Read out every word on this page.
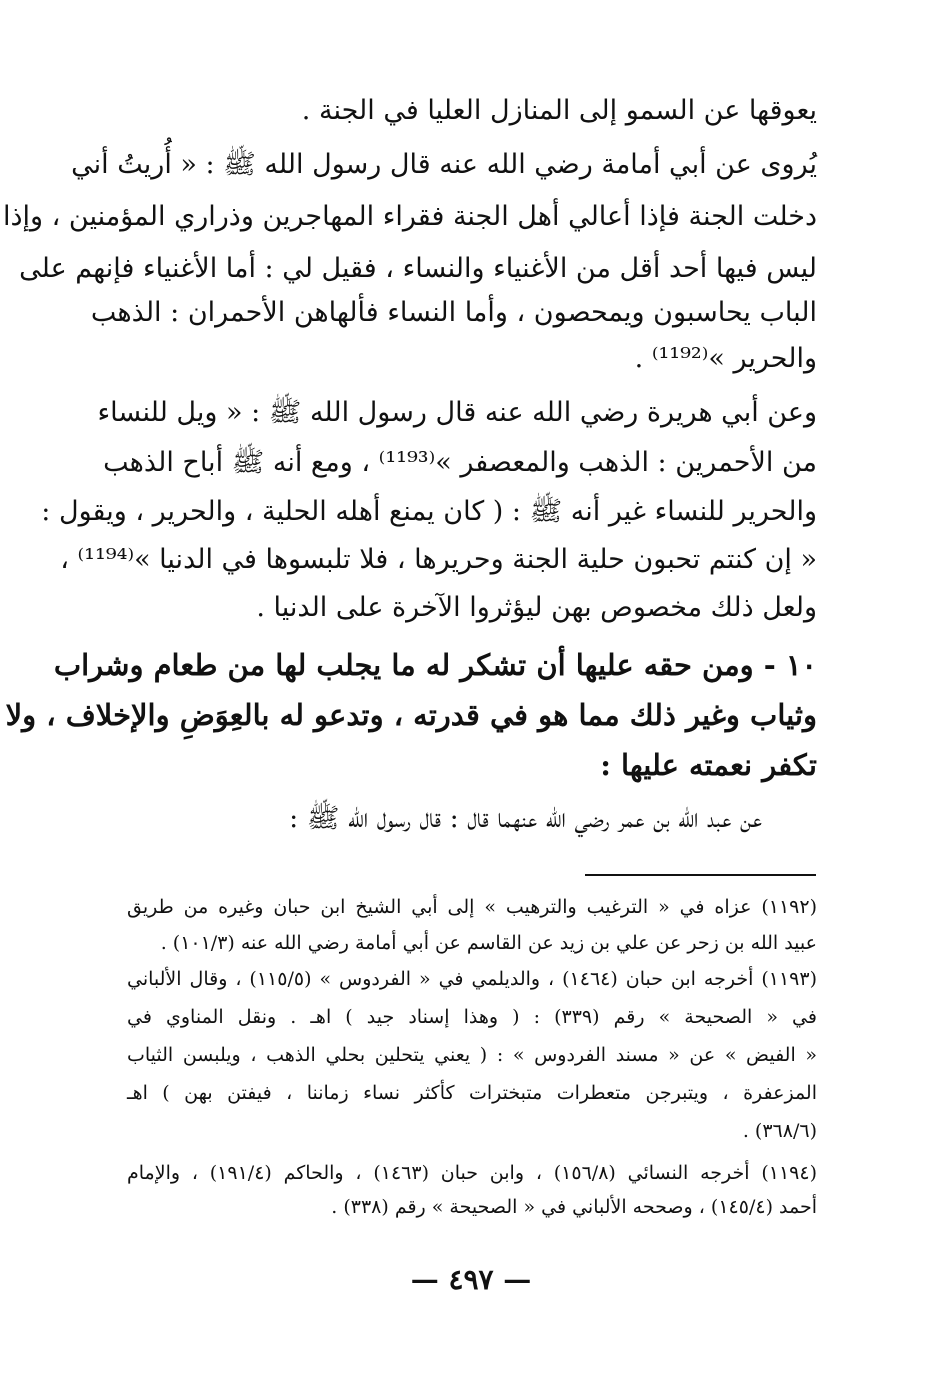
يعوقها عن السمو إلى المنازل العليا في الجنة .
يُروى عن أبي أمامة رضي الله عنه قال رسول الله ﷺ : « أُريتُ أني
دخلت الجنة فإذا أعالي أهل الجنة فقراء المهاجرين وذراري المؤمنين ، وإذا
ليس فيها أحد أقل من الأغنياء والنساء ، فقيل لي : أما الأغنياء فإنهم على
الباب يحاسبون ويمحصون ، وأما النساء فألهاهن الأحمران : الذهب
والحرير »⁽¹¹⁹²⁾ .
وعن أبي هريرة رضي الله عنه قال رسول الله ﷺ : « ويل للنساء
من الأحمرين : الذهب والمعصفر »⁽¹¹⁹³⁾ ، ومع أنه ﷺ أباح الذهب
والحرير للنساء غير أنه ﷺ : ( كان يمنع أهله الحلية ، والحرير ، ويقول :
« إن كنتم تحبون حلية الجنة وحريرها ، فلا تلبسوها في الدنيا »⁽¹¹⁹⁴⁾ ،
ولعل ذلك مخصوص بهن ليؤثروا الآخرة على الدنيا .
١٠ - ومن حقه عليها أن تشكر له ما يجلب لها من طعام وشراب
وثياب وغير ذلك مما هو في قدرته ، وتدعو له بالعِوَضِ والإخلاف ، ولا
تكفر نعمته عليها :
عن عبد الله بن عمر رضي الله عنهما قال : قال رسول الله ﷺ :
(١١٩٢) عزاه في « الترغيب والترهيب » إلى أبي الشيخ ابن حبان وغيره من طريق
عبيد الله بن زحر عن علي بن زيد عن القاسم عن أبي أمامة رضي الله عنه (١٠١/٣) .
(١١٩٣) أخرجه ابن حبان (١٤٦٤) ، والديلمي في « الفردوس » (١١٥/٥) ، وقال الألباني
في « الصحيحة » رقم (٣٣٩) : ( وهذا إسناد جيد ) اهـ . ونقل المناوي في
« الفيض » عن « مسند الفردوس » : ( يعني يتحلين بحلي الذهب ، ويلبسن الثياب
المزعفرة ، ويتبرجن متعطرات متبخترات كأكثر نساء زماننا ، فيفتن بهن ) اهـ
(٣٦٨/٦) .
(١١٩٤) أخرجه النسائي (١٥٦/٨) ، وابن حبان (١٤٦٣) ، والحاكم (١٩١/٤) ، والإمام
أحمد (١٤٥/٤) ، وصححه الألباني في « الصحيحة » رقم (٣٣٨) .
— ٤٩٧ —
